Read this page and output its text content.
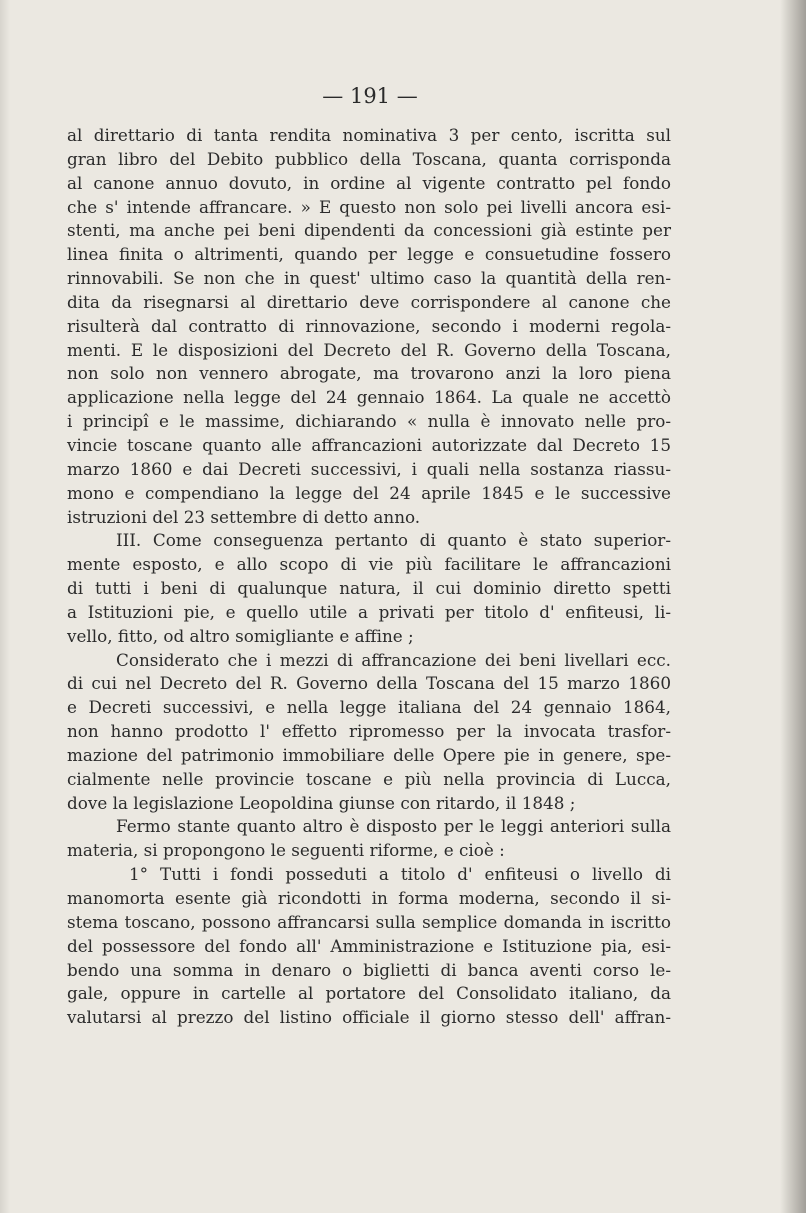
— 191 —

al direttario di tanta rendita nominativa 3 per cento, iscritta sul

gran libro del Debito pubblico della Toscana, quanta corrisponda

al canone annuo dovuto, in ordine al vigente contratto pel fondo

che s' intende affrancare. » E questo non solo pei livelli ancora esi-

stenti, ma anche pei beni dipendenti da concessioni già estinte per

linea finita o altrimenti, quando per legge e consuetudine fossero

rinnovabili. Se non che in quest' ultimo caso la quantità della ren-

dita da risegnarsi al direttario deve corrispondere al canone che

risulterà dal contratto di rinnovazione, secondo i moderni regola-

menti. E le disposizioni del Decreto del R. Governo della Toscana,

non solo non vennero abrogate, ma trovarono anzi la loro piena

applicazione nella legge del 24 gennaio 1864. La quale ne accettò

i principî e le massime, dichiarando « nulla è innovato nelle pro-

vincie toscane quanto alle affrancazioni autorizzate dal Decreto 15

marzo 1860 e dai Decreti successivi, i quali nella sostanza riassu-

mono e compendiano la legge del 24 aprile 1845 e le successive

istruzioni del 23 settembre di detto anno.

III. Come conseguenza pertanto di quanto è stato superior-

mente esposto, e allo scopo di vie più facilitare le affrancazioni

di tutti i beni di qualunque natura, il cui dominio diretto spetti

a Istituzioni pie, e quello utile a privati per titolo d' enfiteusi, li-

vello, fitto, od altro somigliante e affine ;

Considerato che i mezzi di affrancazione dei beni livellari ecc.

di cui nel Decreto del R. Governo della Toscana del 15 marzo 1860

e Decreti successivi, e nella legge italiana del 24 gennaio 1864,

non hanno prodotto l' effetto ripromesso per la invocata trasfor-

mazione del patrimonio immobiliare delle Opere pie in genere, spe-

cialmente nelle provincie toscane e più nella provincia di Lucca,

dove la legislazione Leopoldina giunse con ritardo, il 1848 ;

Fermo stante quanto altro è disposto per le leggi anteriori sulla

materia, si propongono le seguenti riforme, e cioè :

1° Tutti i fondi posseduti a titolo d' enfiteusi o livello di

manomorta esente già ricondotti in forma moderna, secondo il si-

stema toscano, possono affrancarsi sulla semplice domanda in iscritto

del possessore del fondo all' Amministrazione e Istituzione pia, esi-

bendo una somma in denaro o biglietti di banca aventi corso le-

gale, oppure in cartelle al portatore del Consolidato italiano, da

valutarsi al prezzo del listino officiale il giorno stesso dell' affran-
